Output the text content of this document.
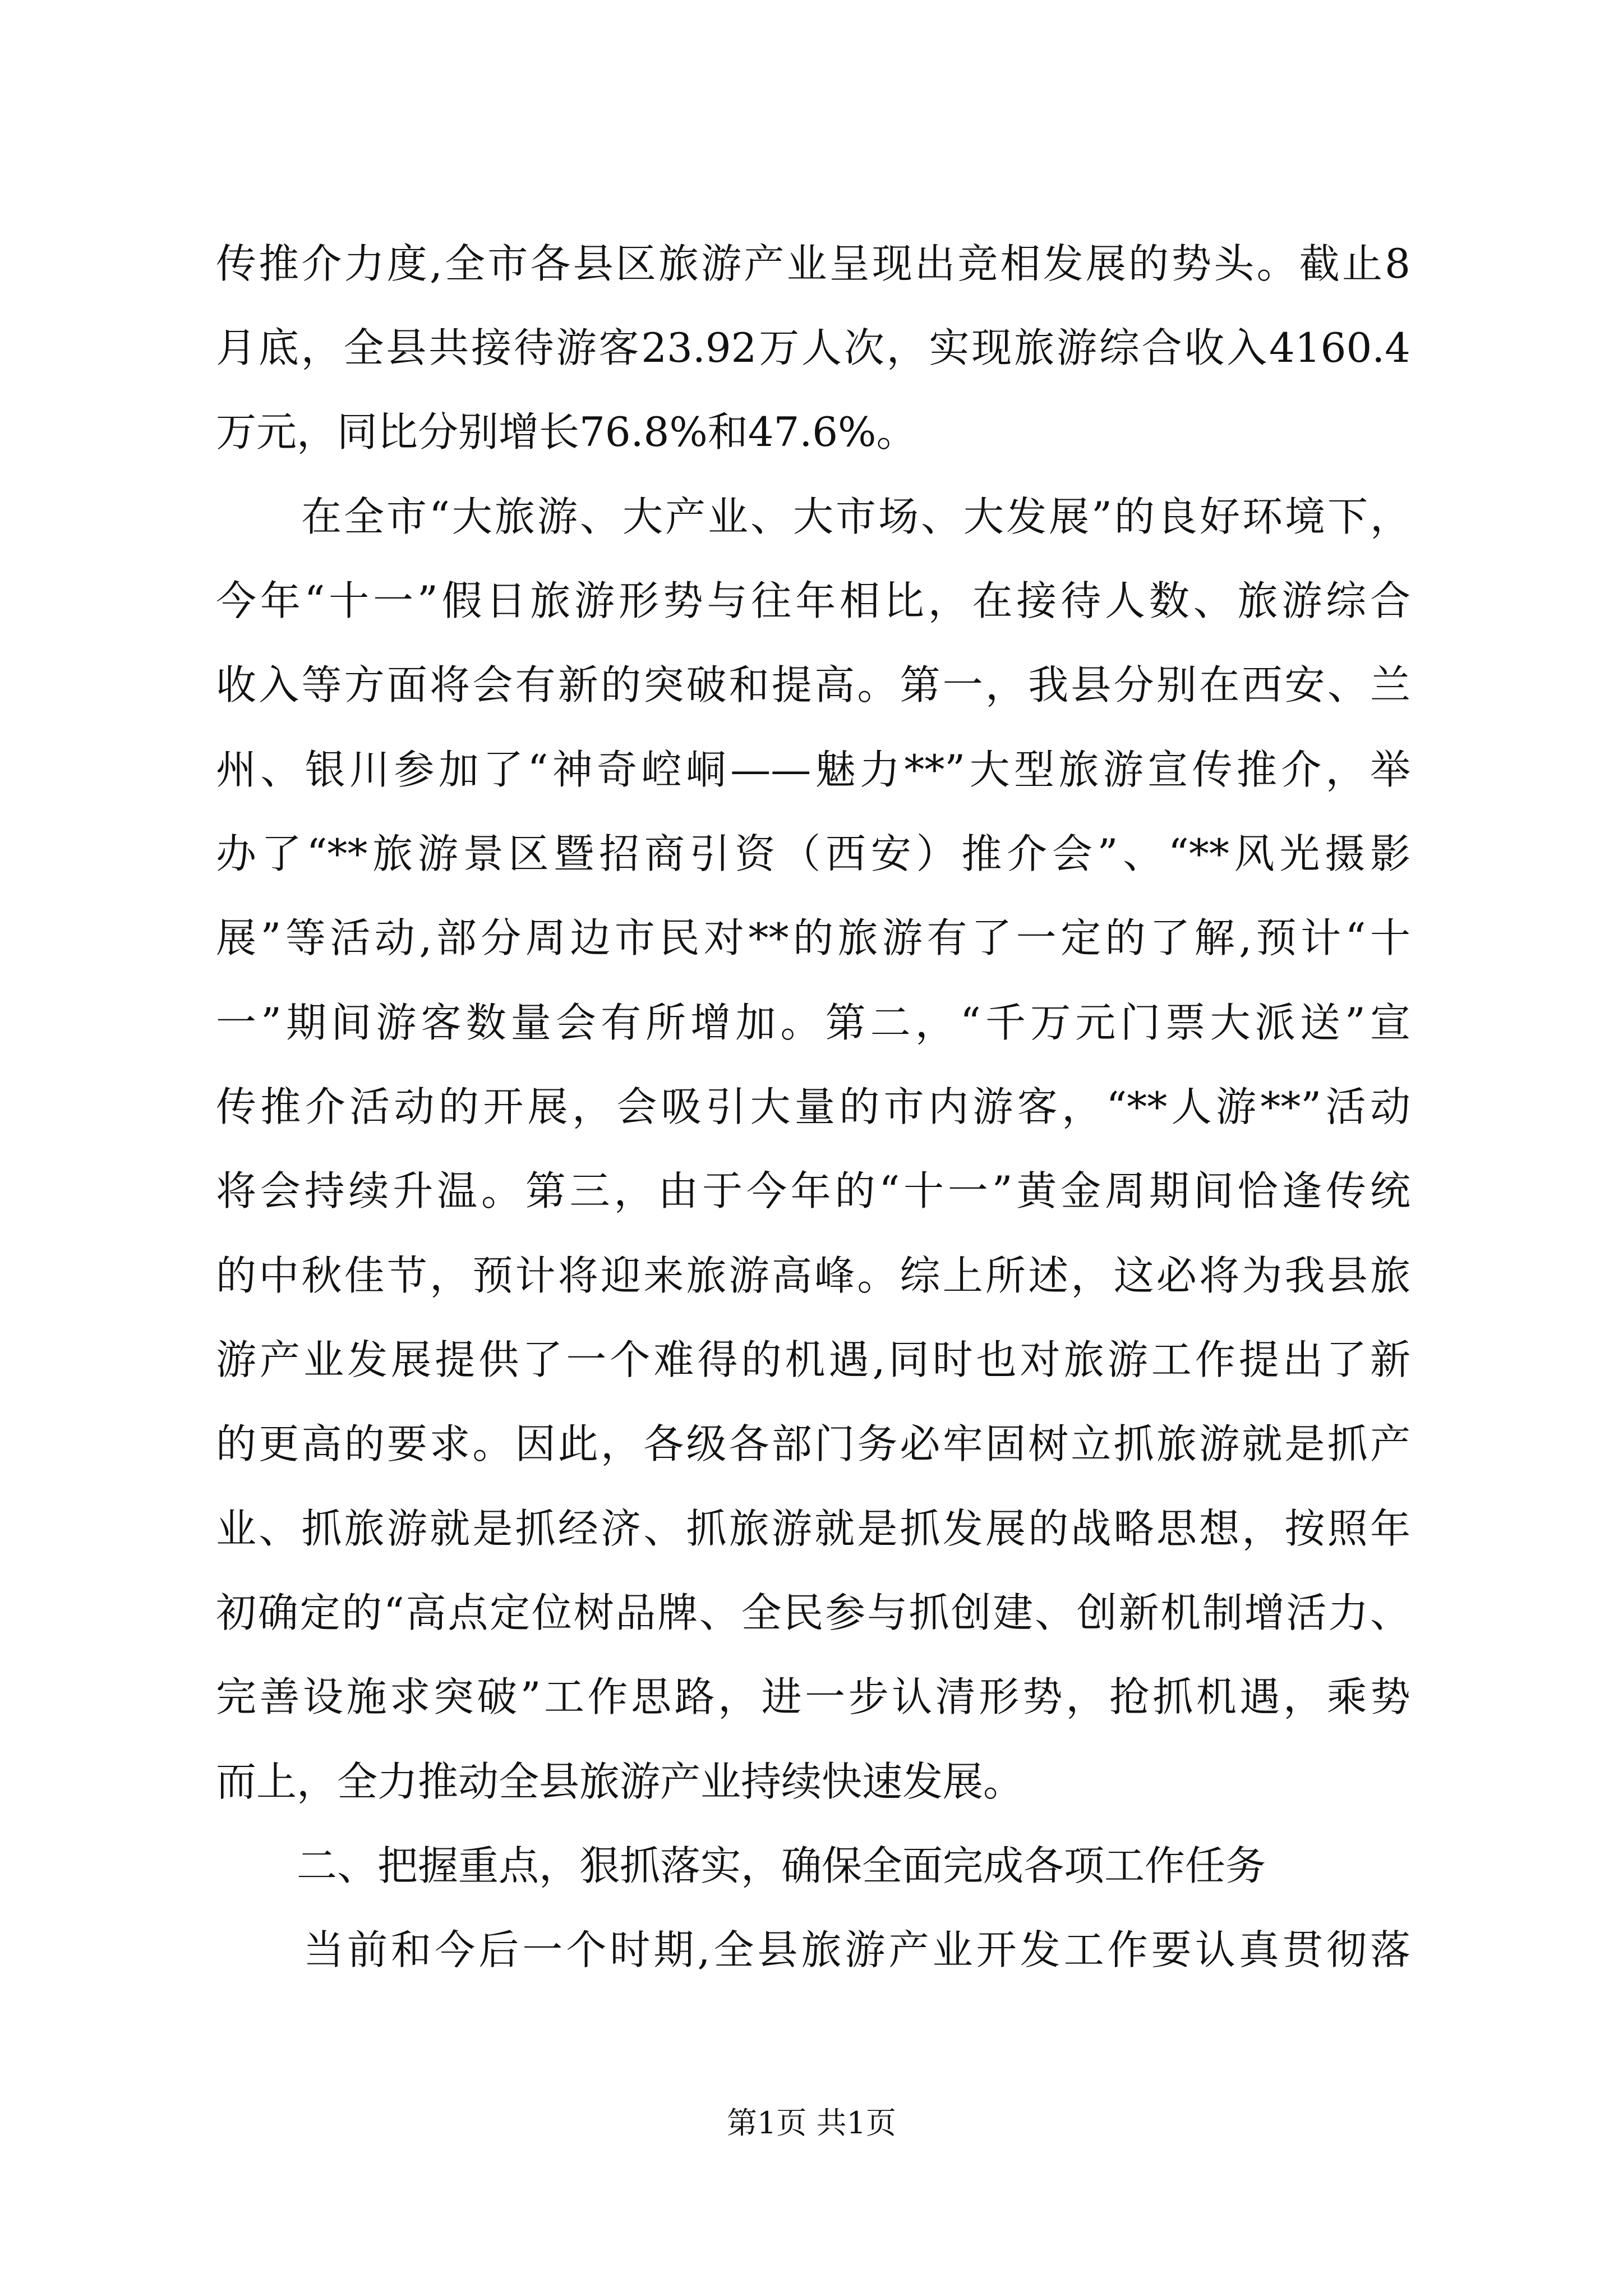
传推介力度,全市各县区旅游产业呈现出竞相发展的势头。截止8
月底，全县共接待游客23.92万人次，实现旅游综合收入4160.4
万元，同比分别增长76.8%和47.6%。
　　在全市“大旅游、大产业、大市场、大发展”的良好环境下，
今年“十一”假日旅游形势与往年相比，在接待人数、旅游综合
收入等方面将会有新的突破和提高。第一，我县分别在西安、兰
州、银川参加了“神奇崆峒——魅力**”大型旅游宣传推介，举
办了“**旅游景区暨招商引资（西安）推介会”、“**风光摄影
展”等活动,部分周边市民对**的旅游有了一定的了解,预计“十
一”期间游客数量会有所增加。第二，“千万元门票大派送”宣
传推介活动的开展，会吸引大量的市内游客，“**人游**”活动
将会持续升温。第三，由于今年的“十一”黄金周期间恰逢传统
的中秋佳节，预计将迎来旅游高峰。综上所述，这必将为我县旅
游产业发展提供了一个难得的机遇,同时也对旅游工作提出了新
的更高的要求。因此，各级各部门务必牢固树立抓旅游就是抓产
业、抓旅游就是抓经济、抓旅游就是抓发展的战略思想，按照年
初确定的“高点定位树品牌、全民参与抓创建、创新机制增活力、
完善设施求突破”工作思路，进一步认清形势，抢抓机遇，乘势
而上，全力推动全县旅游产业持续快速发展。
　　二、把握重点，狠抓落实，确保全面完成各项工作任务
　　当前和今后一个时期,全县旅游产业开发工作要认真贯彻落
第1页 共1页
